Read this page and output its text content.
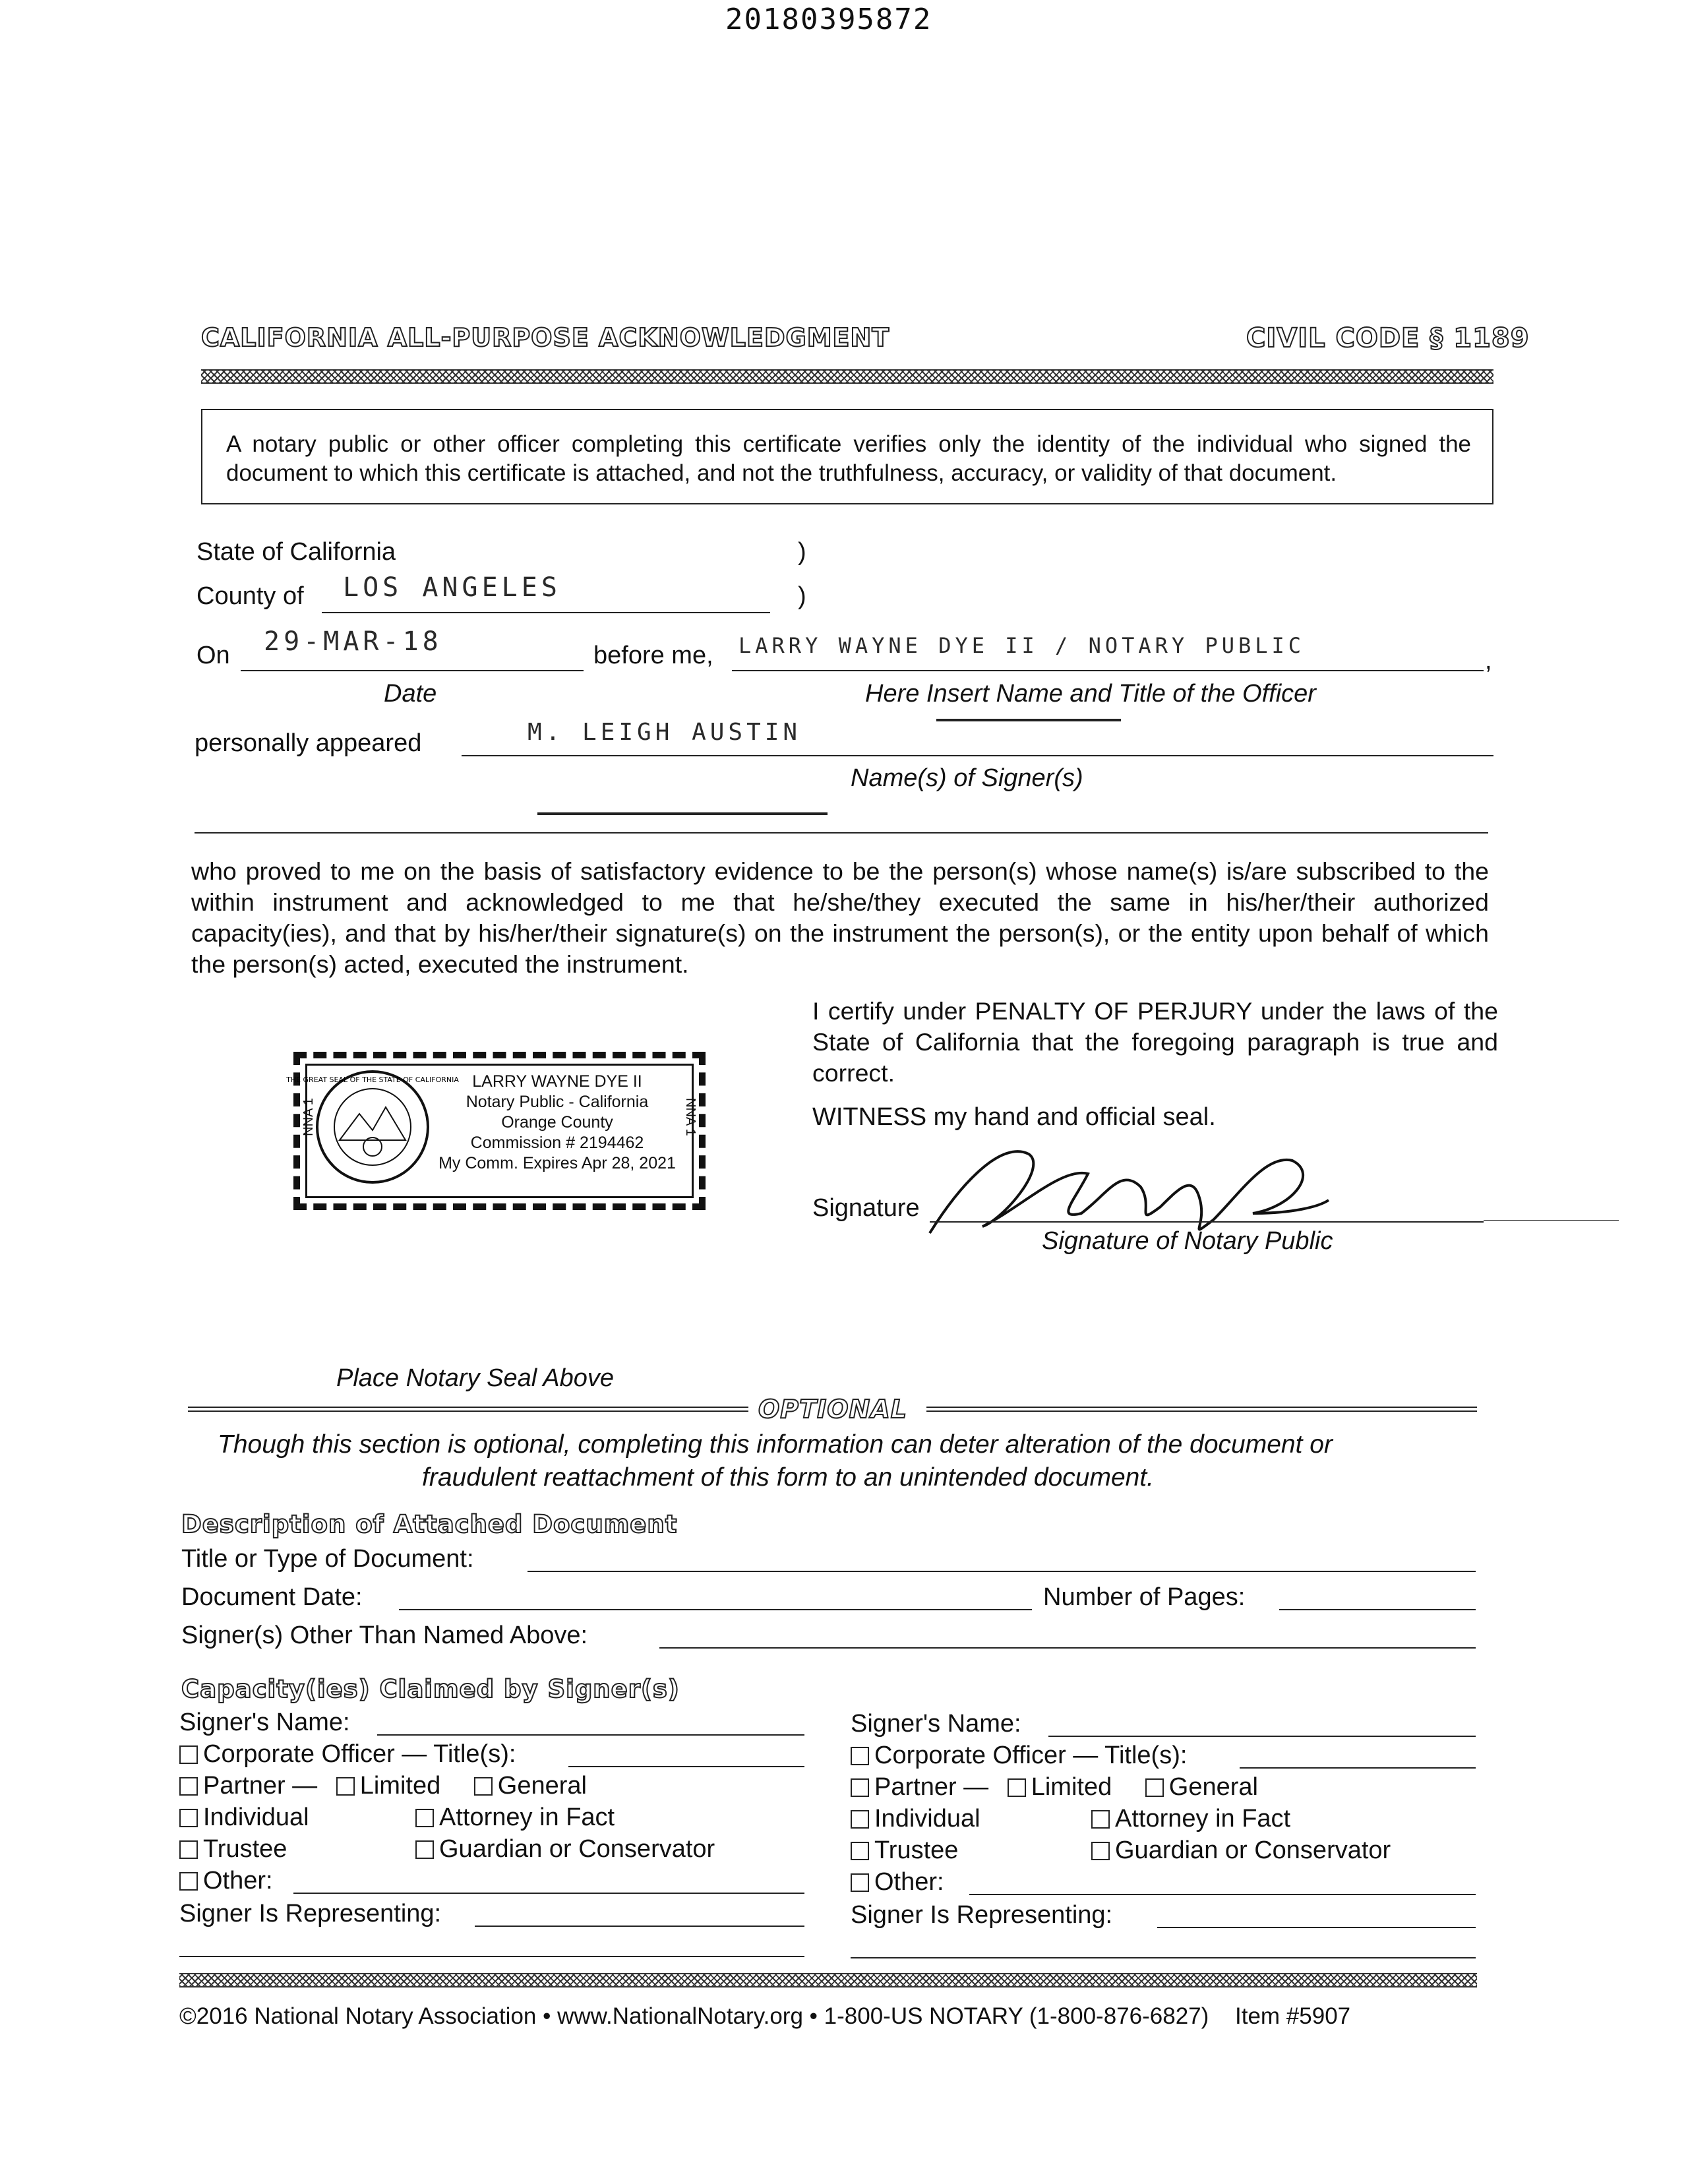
20180395872
CALIFORNIA ALL-PURPOSE ACKNOWLEDGMENT	CIVIL CODE § 1189
A notary public or other officer completing this certificate verifies only the identity of the individual who signed the document to which this certificate is attached, and not the truthfulness, accuracy, or validity of that document.
State of California	)
County of LOS ANGELES	)
On 29-MAR-18	before me, LARRY WAYNE DYE II / NOTARY PUBLIC
,
Date	Here Insert Name and Title of the Officer
personally appeared	M. LEIGH AUSTIN
Name(s) of Signer(s)
who proved to me on the basis of satisfactory evidence to be the person(s) whose name(s) is/are subscribed to the within instrument and acknowledged to me that he/she/they executed the same in his/her/their authorized capacity(ies), and that by his/her/their signature(s) on the instrument the person(s), or the entity upon behalf of which the person(s) acted, executed the instrument.
I certify under PENALTY OF PERJURY under the laws of the State of California that the foregoing paragraph is true and correct.
WITNESS my hand and official seal.
Signature
Signature of Notary Public
THE GREAT SEAL OF THE STATE OF CALIFORNIA
NNA 1	NNA 1
LARRY WAYNE DYE II
Notary Public - California
Orange County
Commission # 2194462
My Comm. Expires Apr 28, 2021
Place Notary Seal Above
OPTIONAL
Though this section is optional, completing this information can deter alteration of the document or
fraudulent reattachment of this form to an unintended document.
Description of Attached Document
Title or Type of Document:
Document Date:	Number of Pages:
Signer(s) Other Than Named Above:
Capacity(ies) Claimed by Signer(s)
Signer's Name:
Corporate Officer — Title(s):
Partner — Limited General
Individual	Attorney in Fact
Trustee	Guardian or Conservator
Other:
Signer Is Representing:
Signer's Name:
Corporate Officer — Title(s):
Partner — Limited General
Individual	Attorney in Fact
Trustee	Guardian or Conservator
Other:
Signer Is Representing:
©2016 National Notary Association • www.NationalNotary.org • 1-800-US NOTARY (1-800-876-6827) Item #5907
